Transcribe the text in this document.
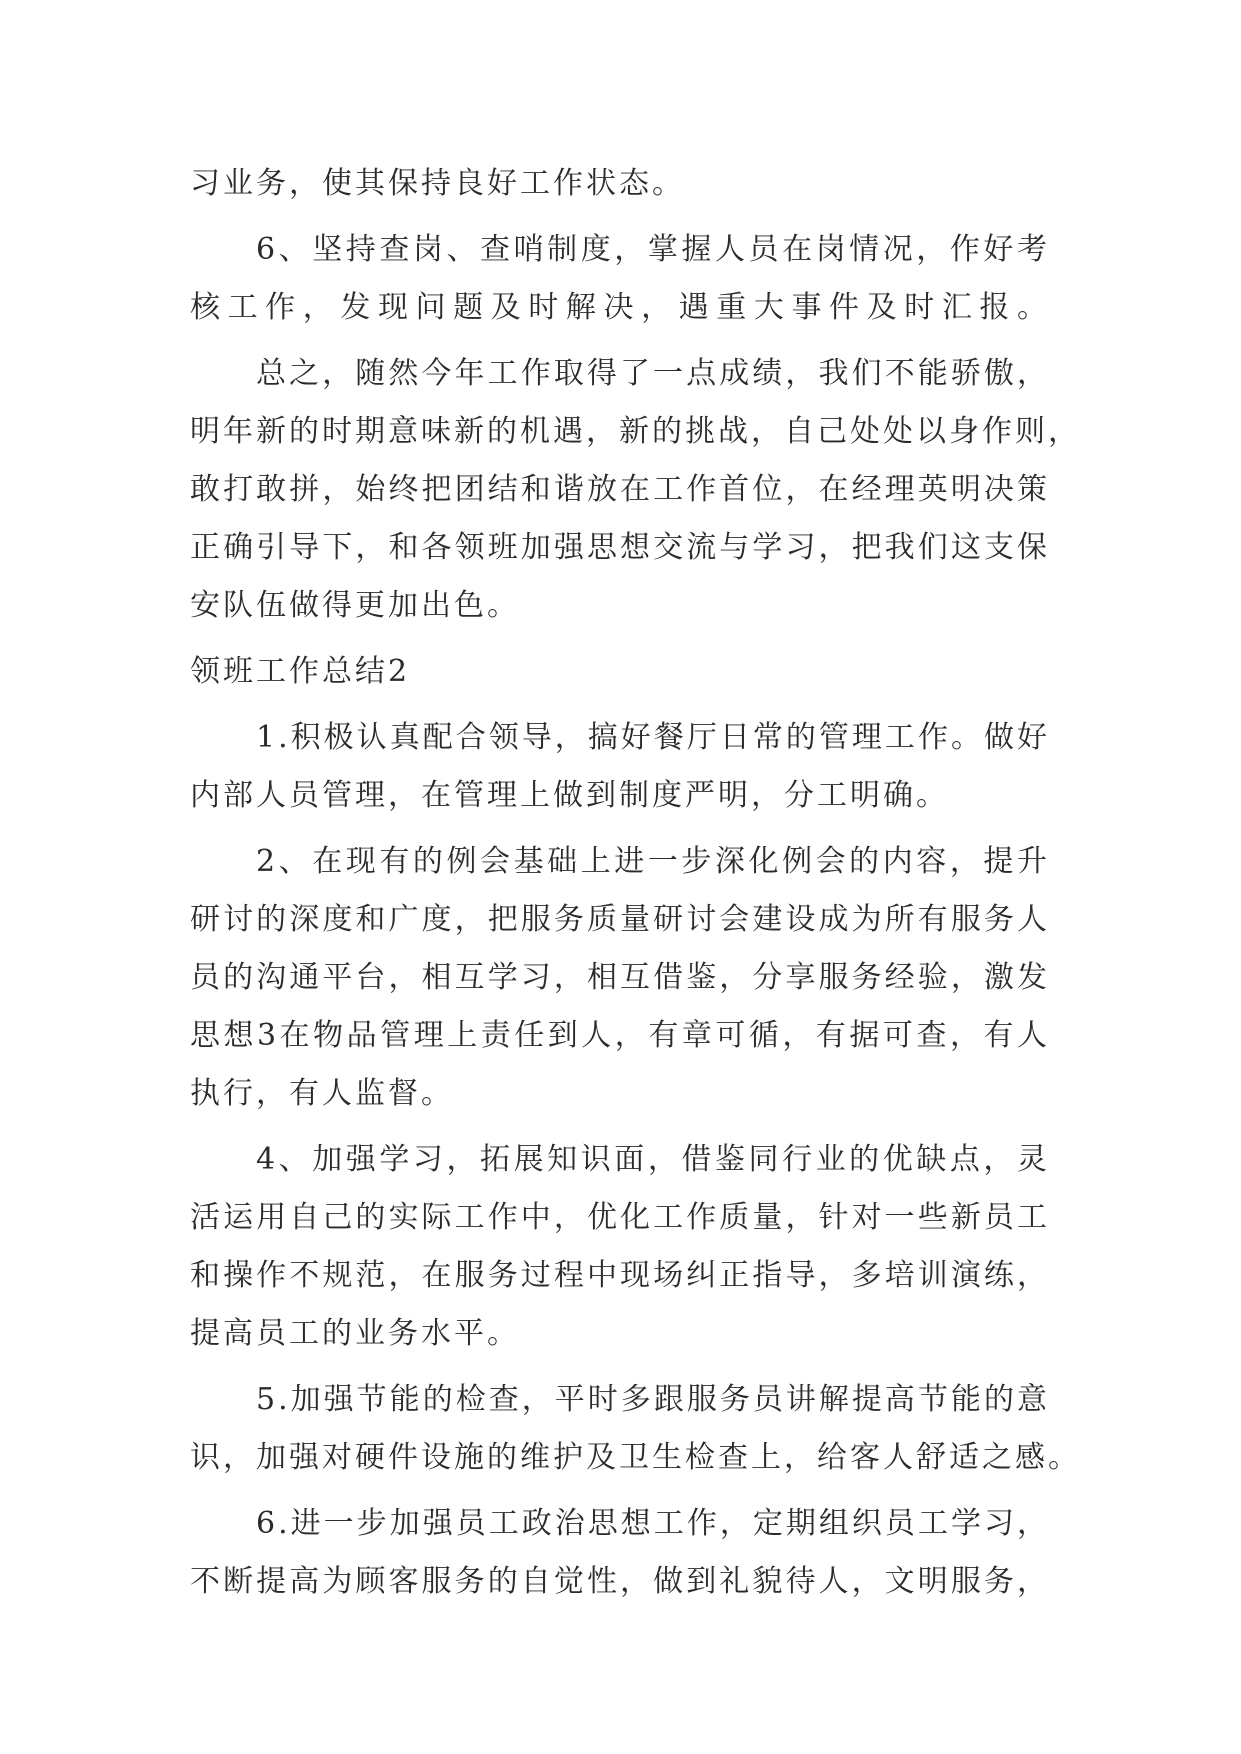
习业务，使其保持良好工作状态。
6、坚持查岗、查哨制度，掌握人员在岗情况，作好考
核工作，发现问题及时解决，遇重大事件及时汇报。
总之，随然今年工作取得了一点成绩，我们不能骄傲，
明年新的时期意味新的机遇，新的挑战，自己处处以身作则，
敢打敢拼，始终把团结和谐放在工作首位，在经理英明决策
正确引导下，和各领班加强思想交流与学习，把我们这支保
安队伍做得更加出色。
领班工作总结2
1.积极认真配合领导，搞好餐厅日常的管理工作。做好
内部人员管理，在管理上做到制度严明，分工明确。
2、在现有的例会基础上进一步深化例会的内容，提升
研讨的深度和广度，把服务质量研讨会建设成为所有服务人
员的沟通平台，相互学习，相互借鉴，分享服务经验，激发
思想3在物品管理上责任到人，有章可循，有据可查，有人
执行，有人监督。
4、加强学习，拓展知识面，借鉴同行业的优缺点，灵
活运用自己的实际工作中，优化工作质量，针对一些新员工
和操作不规范，在服务过程中现场纠正指导，多培训演练，
提高员工的业务水平。
5.加强节能的检查，平时多跟服务员讲解提高节能的意
识，加强对硬件设施的维护及卫生检查上，给客人舒适之感。
6.进一步加强员工政治思想工作，定期组织员工学习，
不断提高为顾客服务的自觉性，做到礼貌待人，文明服务，
